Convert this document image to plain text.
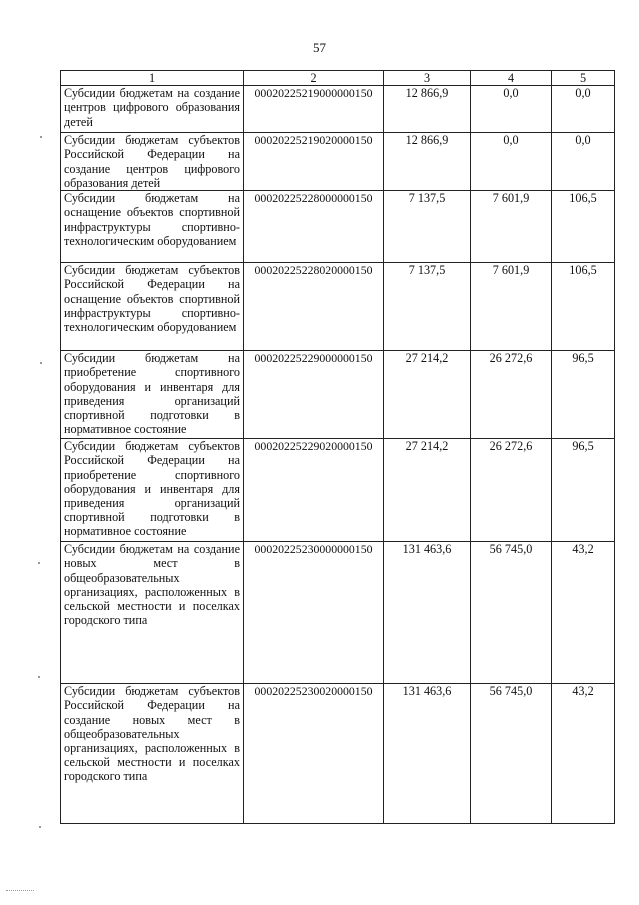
57
1	2	3	4	5
Субсидии бюджетам на создание центров цифрового образования детей	00020225219000000150	12 866,9	0,0	0,0
Субсидии бюджетам субъектов Российской Федерации на создание центров цифрового образования детей	00020225219020000150	12 866,9	0,0	0,0
Субсидии бюджетам на оснащение объектов спортивной инфраструктуры спортивно-технологическим оборудованием	00020225228000000150	7 137,5	7 601,9	106,5
Субсидии бюджетам субъектов Российской Федерации на оснащение объектов спортивной инфраструктуры спортивно-технологическим оборудованием	00020225228020000150	7 137,5	7 601,9	106,5
Субсидии бюджетам на приобретение спортивного оборудования и инвентаря для приведения организаций спортивной подготовки в нормативное состояние	00020225229000000150	27 214,2	26 272,6	96,5
Субсидии бюджетам субъектов Российской Федерации на приобретение спортивного оборудования и инвентаря для приведения организаций спортивной подготовки в нормативное состояние	00020225229020000150	27 214,2	26 272,6	96,5
Субсидии бюджетам на создание новых мест в общеобразовательных организациях, расположенных в сельской местности и поселках городского типа	00020225230000000150	131 463,6	56 745,0	43,2
Субсидии бюджетам субъектов Российской Федерации на создание новых мест в общеобразовательных организациях, расположенных в сельской местности и поселках городского типа	00020225230020000150	131 463,6	56 745,0	43,2
